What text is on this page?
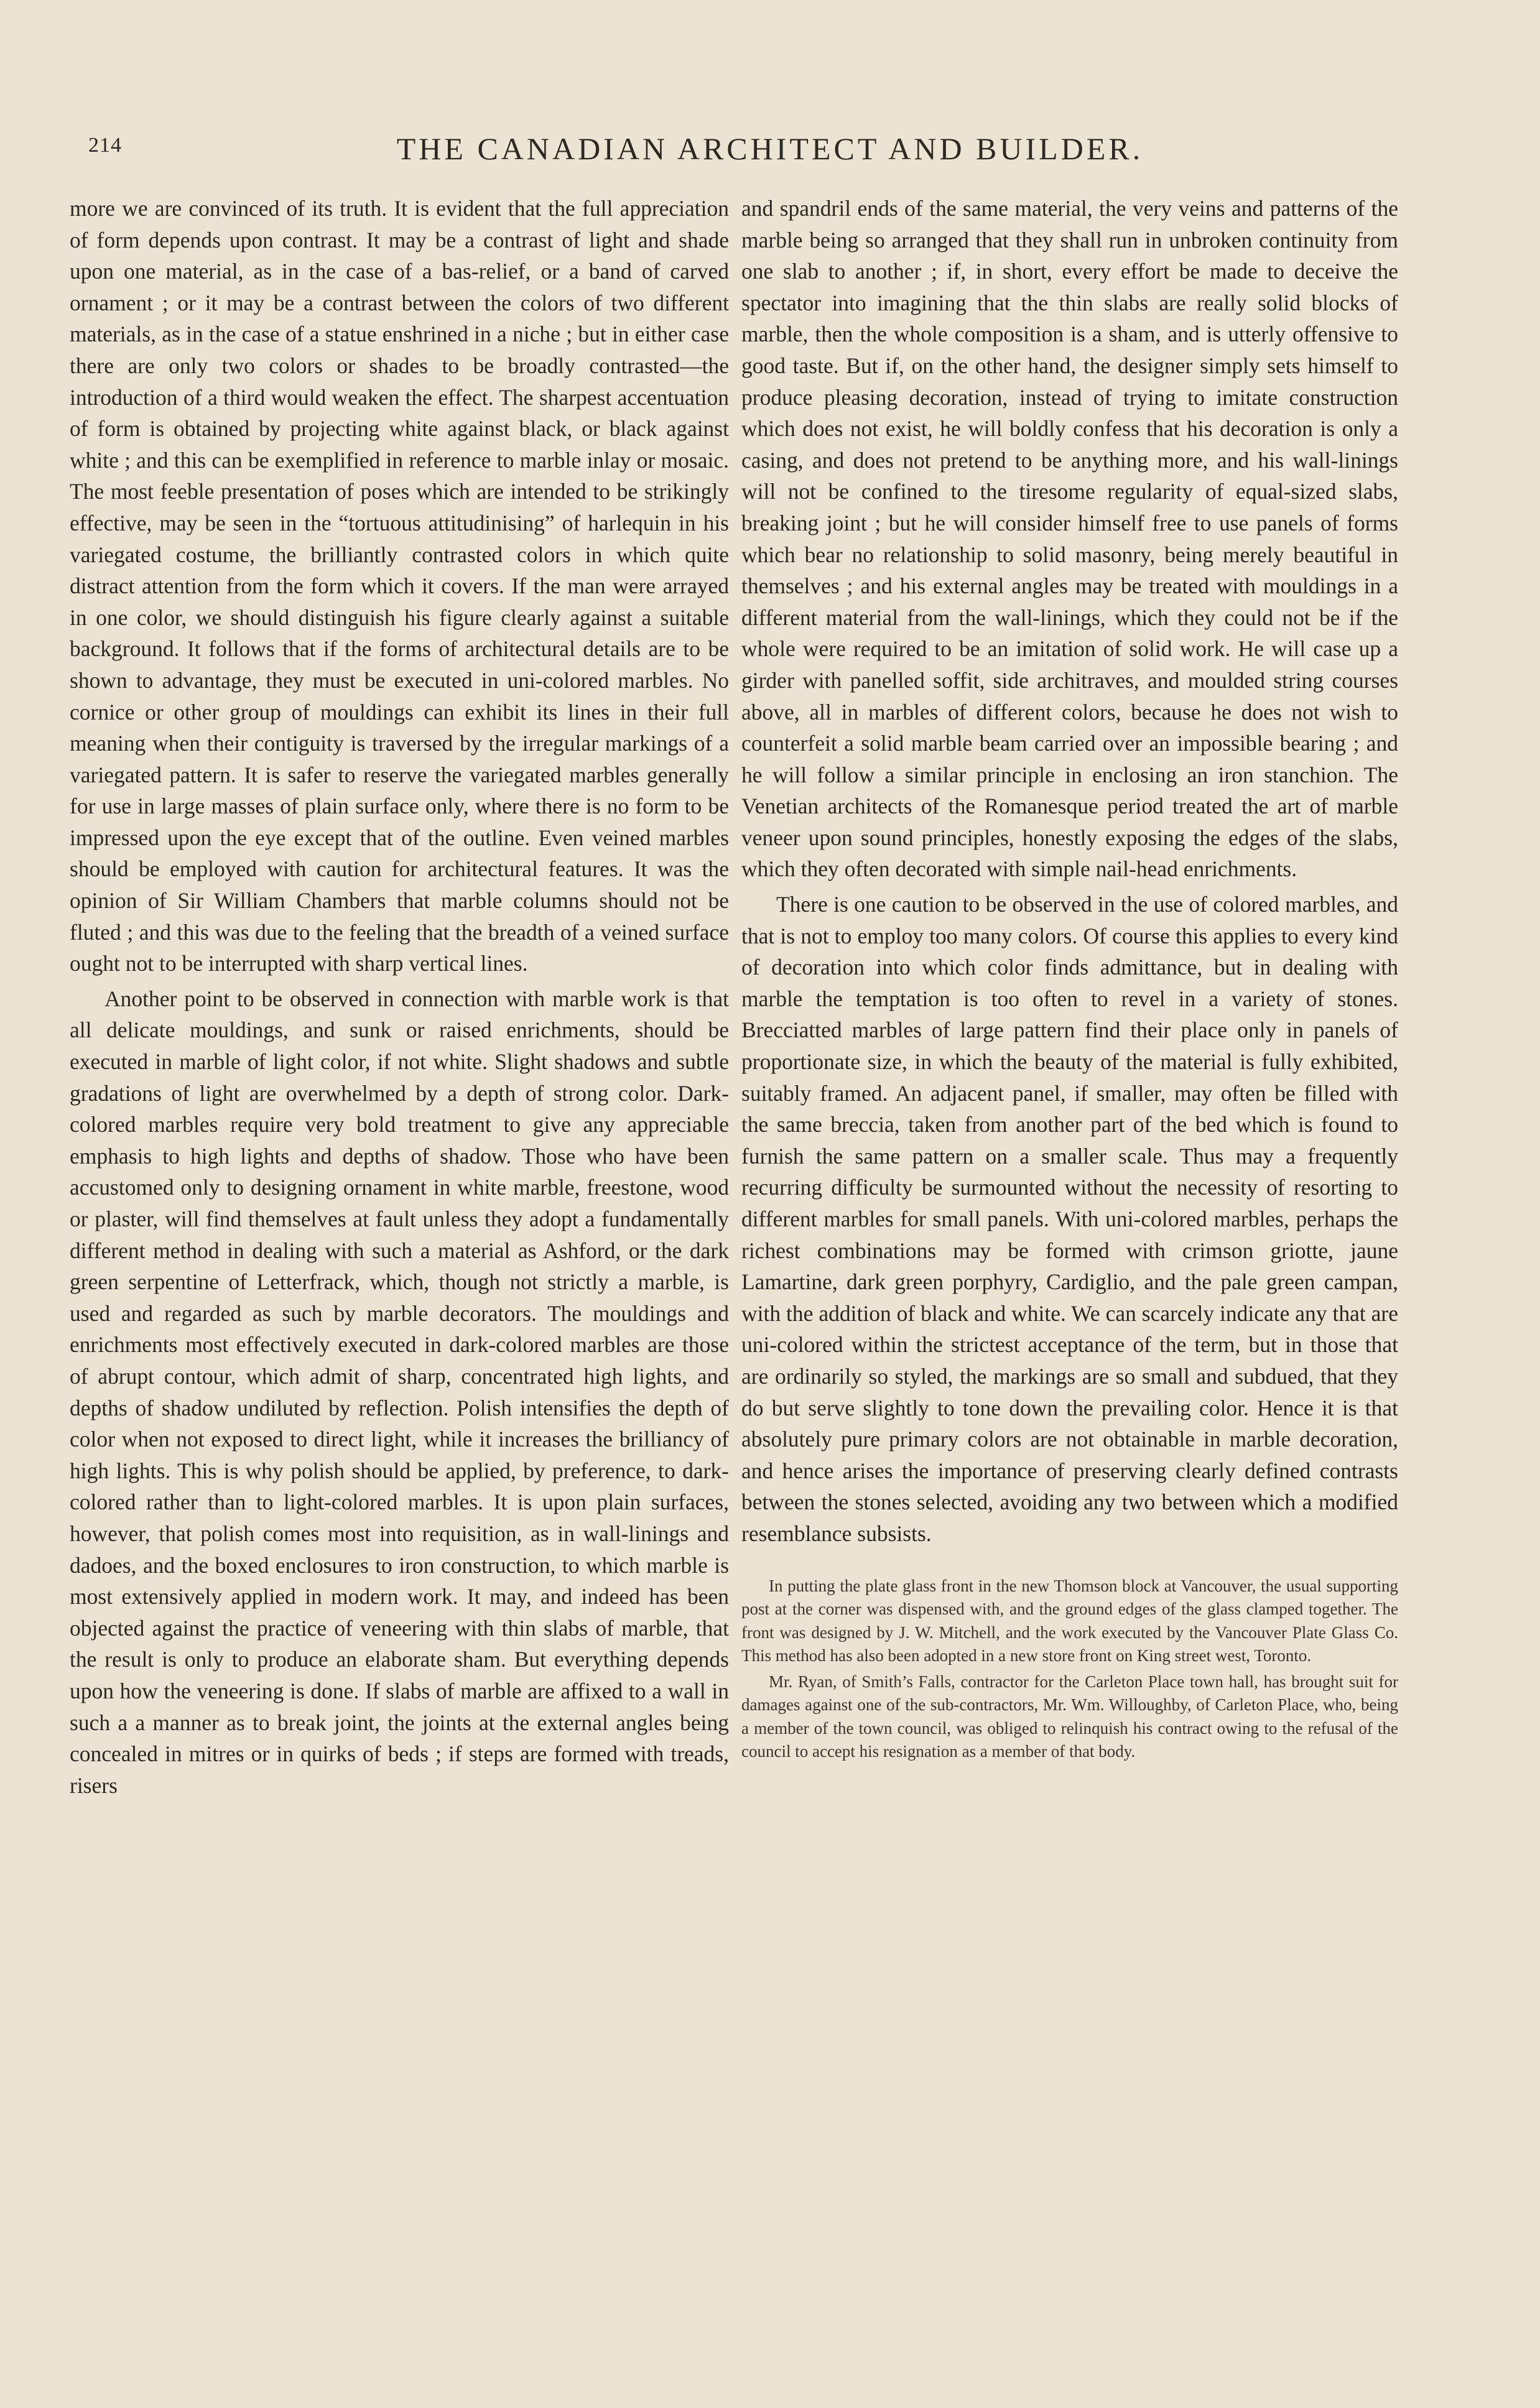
214	THE CANADIAN ARCHITECT AND BUILDER.

more we are convinced of its truth. It is evident that the full appreciation of form depends upon contrast. It may be a contrast of light and shade upon one material, as in the case of a bas-relief, or a band of carved ornament ; or it may be a contrast between the colors of two different materials, as in the case of a statue enshrined in a niche ; but in either case there are only two colors or shades to be broadly contrasted—the introduction of a third would weaken the effect. The sharpest accentuation of form is obtained by projecting white against black, or black against white ; and this can be exemplified in reference to marble inlay or mosaic. The most feeble presentation of poses which are intended to be strikingly effective, may be seen in the “tortuous attitudinising” of harlequin in his variegated costume, the brilliantly contrasted colors in which quite distract attention from the form which it covers. If the man were arrayed in one color, we should distinguish his figure clearly against a suitable background. It follows that if the forms of architectural details are to be shown to advantage, they must be executed in uni-colored marbles. No cornice or other group of mouldings can exhibit its lines in their full meaning when their contiguity is traversed by the irregular markings of a variegated pattern. It is safer to reserve the variegated marbles generally for use in large masses of plain surface only, where there is no form to be impressed upon the eye except that of the outline. Even veined marbles should be employed with caution for architectural features. It was the opinion of Sir William Chambers that marble columns should not be fluted ; and this was due to the feeling that the breadth of a veined surface ought not to be interrupted with sharp vertical lines.

Another point to be observed in connection with marble work is that all delicate mouldings, and sunk or raised enrichments, should be executed in marble of light color, if not white. Slight shadows and subtle gradations of light are overwhelmed by a depth of strong color. Dark-colored marbles require very bold treatment to give any appreciable emphasis to high lights and depths of shadow. Those who have been accustomed only to designing ornament in white marble, freestone, wood or plaster, will find themselves at fault unless they adopt a fundamentally different method in dealing with such a material as Ashford, or the dark green serpentine of Letterfrack, which, though not strictly a marble, is used and regarded as such by marble decorators. The mouldings and enrichments most effectively executed in dark-colored marbles are those of abrupt contour, which admit of sharp, concentrated high lights, and depths of shadow undiluted by reflection. Polish intensifies the depth of color when not exposed to direct light, while it increases the brilliancy of high lights. This is why polish should be applied, by preference, to dark-colored rather than to light-colored marbles. It is upon plain surfaces, however, that polish comes most into requisition, as in wall-linings and dadoes, and the boxed enclosures to iron construction, to which marble is most extensively applied in modern work. It may, and indeed has been objected against the practice of veneering with thin slabs of marble, that the result is only to produce an elaborate sham. But everything depends upon how the veneering is done. If slabs of marble are affixed to a wall in such a a manner as to break joint, the joints at the external angles being concealed in mitres or in quirks of beds ; if steps are formed with treads, risers

and spandril ends of the same material, the very veins and patterns of the marble being so arranged that they shall run in unbroken continuity from one slab to another ; if, in short, every effort be made to deceive the spectator into imagining that the thin slabs are really solid blocks of marble, then the whole composition is a sham, and is utterly offensive to good taste. But if, on the other hand, the designer simply sets himself to produce pleasing decoration, instead of trying to imitate construction which does not exist, he will boldly confess that his decoration is only a casing, and does not pretend to be anything more, and his wall-linings will not be confined to the tiresome regularity of equal-sized slabs, breaking joint ; but he will consider himself free to use panels of forms which bear no relationship to solid masonry, being merely beautiful in themselves ; and his external angles may be treated with mouldings in a different material from the wall-linings, which they could not be if the whole were required to be an imitation of solid work. He will case up a girder with panelled soffit, side architraves, and moulded string courses above, all in marbles of different colors, because he does not wish to counterfeit a solid marble beam carried over an impossible bearing ; and he will follow a similar principle in enclosing an iron stanchion. The Venetian architects of the Romanesque period treated the art of marble veneer upon sound principles, honestly exposing the edges of the slabs, which they often decorated with simple nail-head enrichments.

There is one caution to be observed in the use of colored marbles, and that is not to employ too many colors. Of course this applies to every kind of decoration into which color finds admittance, but in dealing with marble the temptation is too often to revel in a variety of stones. Brecciatted marbles of large pattern find their place only in panels of proportionate size, in which the beauty of the material is fully exhibited, suitably framed. An adjacent panel, if smaller, may often be filled with the same breccia, taken from another part of the bed which is found to furnish the same pattern on a smaller scale. Thus may a frequently recurring difficulty be surmounted without the necessity of resorting to different marbles for small panels. With uni-colored marbles, perhaps the richest combinations may be formed with crimson griotte, jaune Lamartine, dark green porphyry, Cardiglio, and the pale green campan, with the addition of black and white. We can scarcely indicate any that are uni-colored within the strictest acceptance of the term, but in those that are ordinarily so styled, the markings are so small and subdued, that they do but serve slightly to tone down the prevailing color. Hence it is that absolutely pure primary colors are not obtainable in marble decoration, and hence arises the importance of preserving clearly defined contrasts between the stones selected, avoiding any two between which a modified resemblance subsists.

In putting the plate glass front in the new Thomson block at Vancouver, the usual supporting post at the corner was dispensed with, and the ground edges of the glass clamped together. The front was designed by J. W. Mitchell, and the work executed by the Vancouver Plate Glass Co. This method has also been adopted in a new store front on King street west, Toronto.

Mr. Ryan, of Smith’s Falls, contractor for the Carleton Place town hall, has brought suit for damages against one of the sub-contractors, Mr. Wm. Willoughby, of Carleton Place, who, being a member of the town council, was obliged to relinquish his contract owing to the refusal of the council to accept his resignation as a member of that body.
